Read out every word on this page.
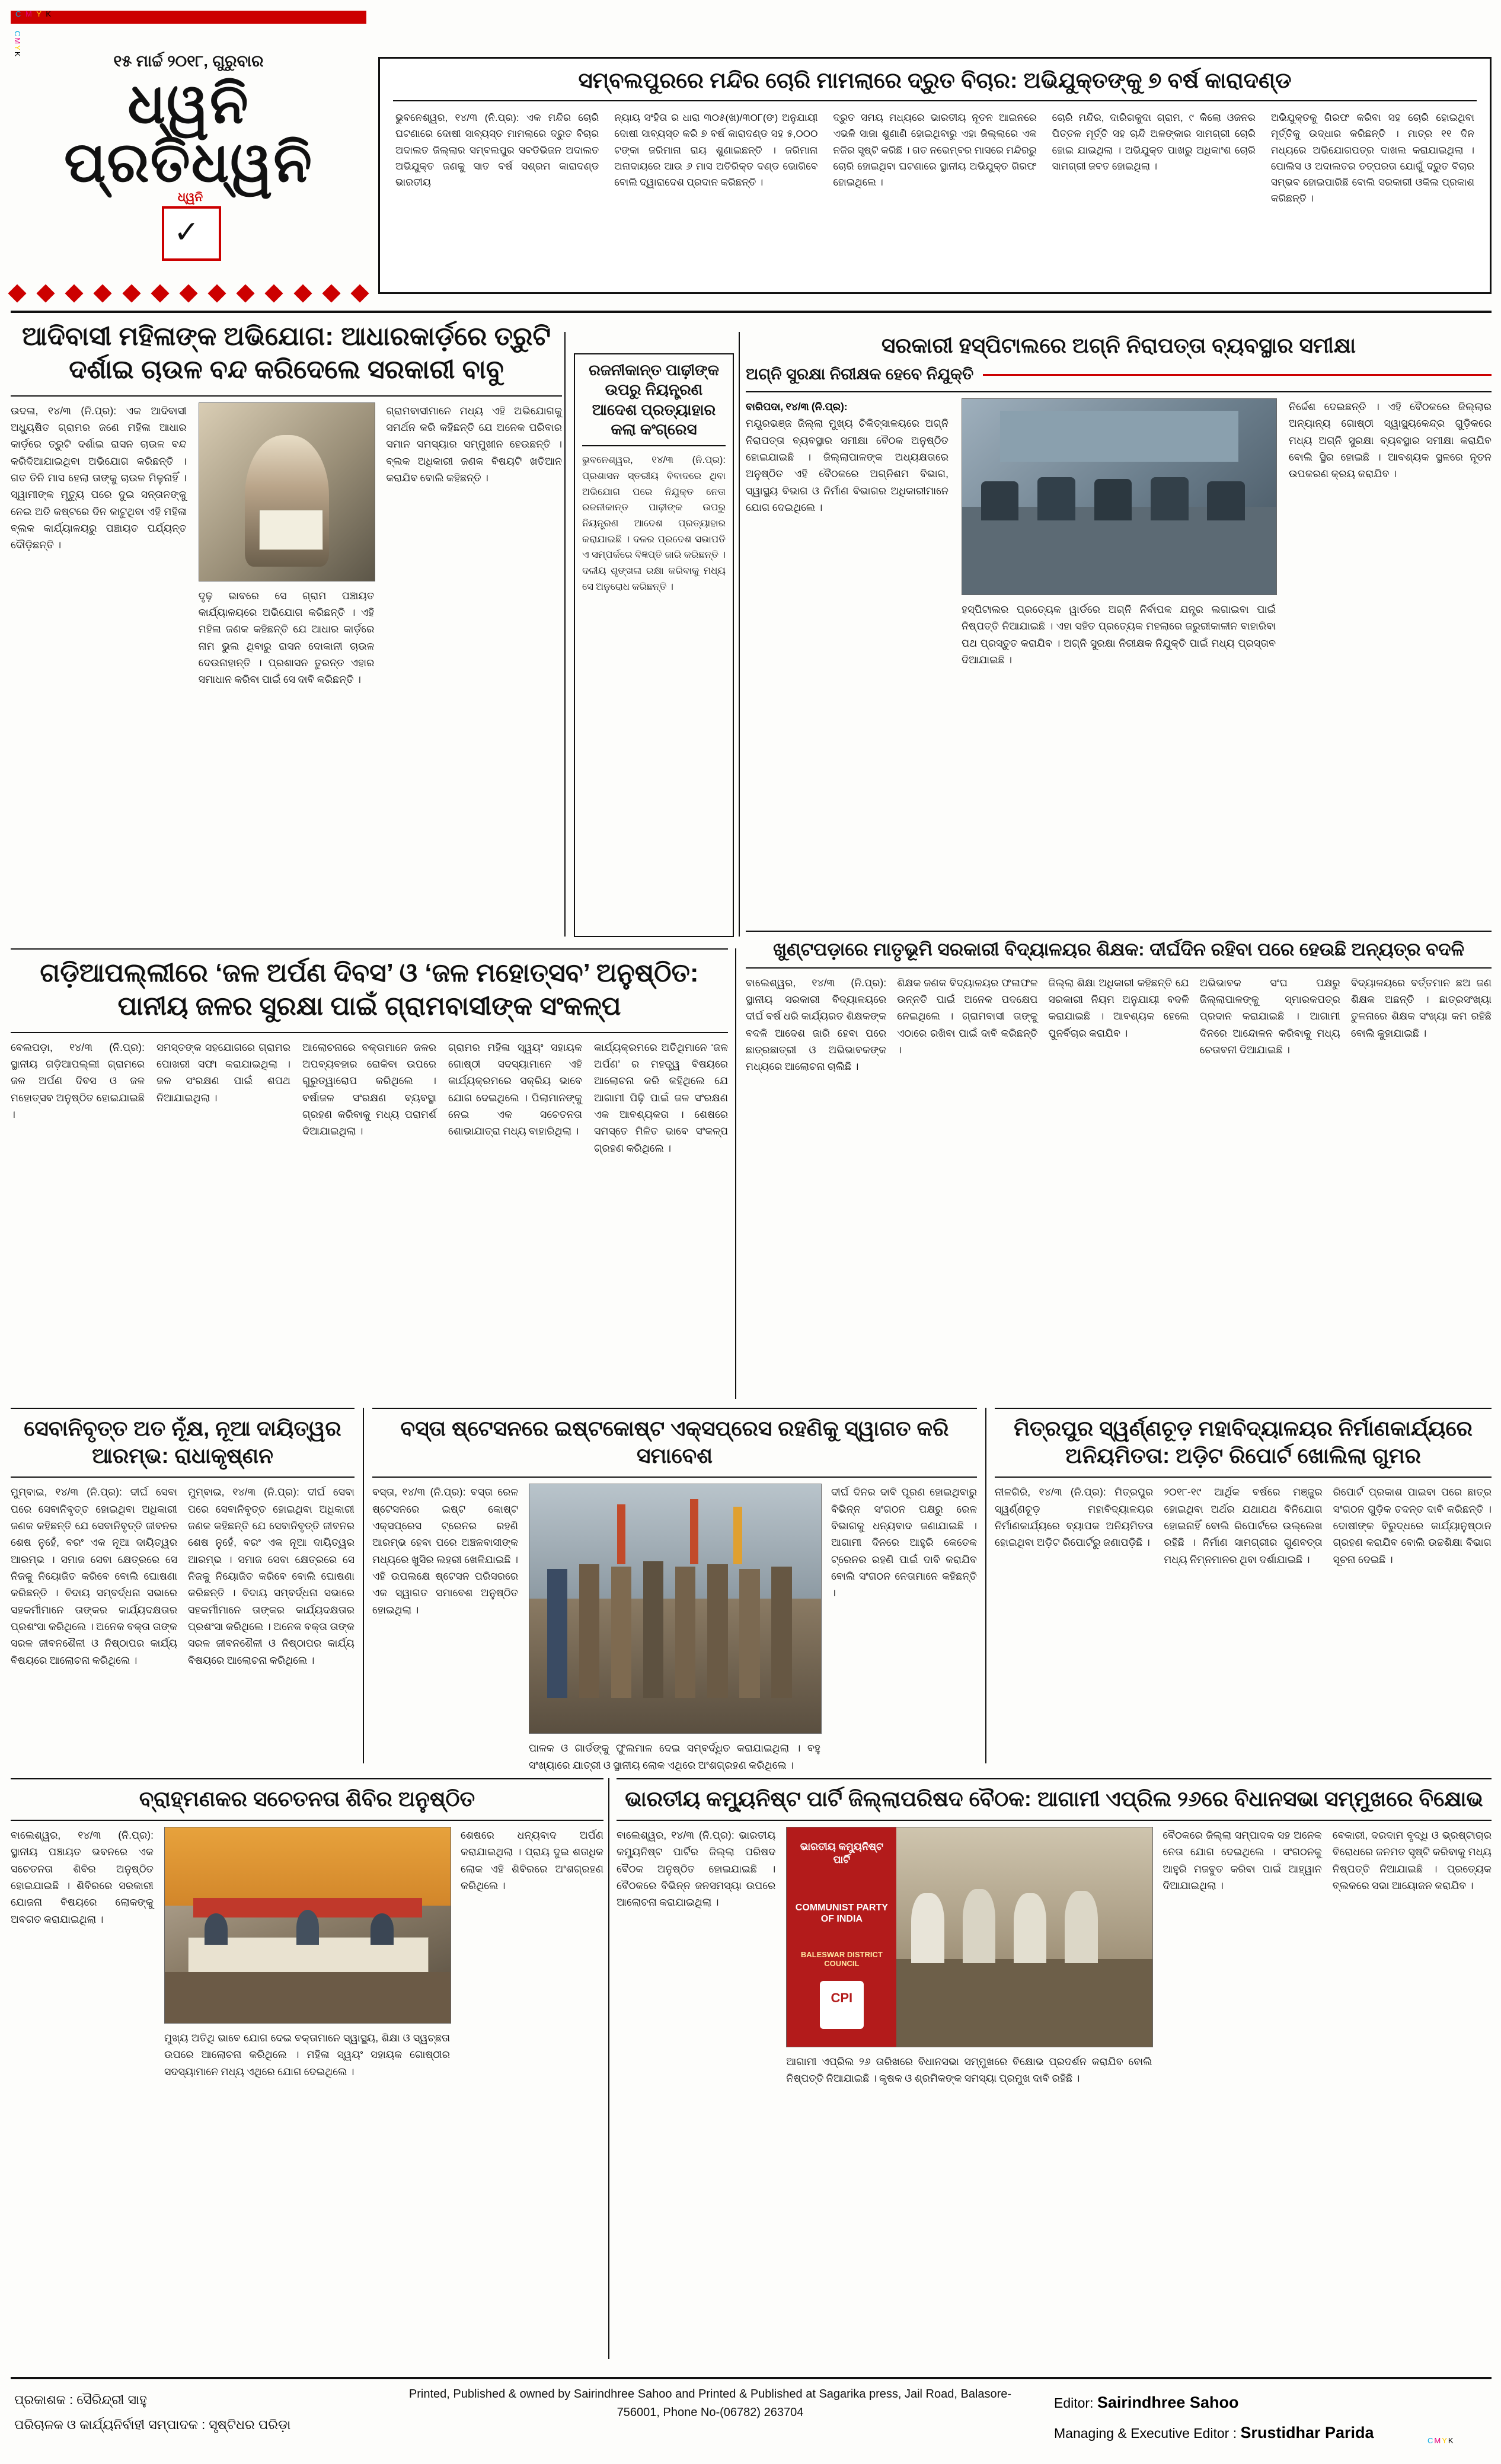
C M Y K
CMYK	୧୫ ମାର୍ଚ୍ଚ ୨୦୧୮, ଗୁରୁବାର
ଧ୍ୱନି ପ୍ରତିଧ୍ୱନି
ଧ୍ୱନି
✓
ସମ୍ବଲପୁରରେ ମନ୍ଦିର ଚୋରି ମାମଲାରେ ଦ୍ରୁତ ବିଚାର: ଅଭିଯୁକ୍ତଙ୍କୁ ୭ ବର୍ଷ କାରାଦଣ୍ଡ
ଭୁବନେଶ୍ୱର, ୧୪/୩ (ନି.ପ୍ର): ଏକ ମନ୍ଦିର ଚୋରି ଘଟଣାରେ ଦୋଷୀ ସାବ୍ୟସ୍ତ ମାମଲାରେ ଦ୍ରୁତ ବିଚାର ଅଦାଲତ ଜିଲ୍ଲାର ସମ୍ବଲପୁର ସବଡିଭିଜନ ଅଦାଲତ ଅଭିଯୁକ୍ତ ଜଣକୁ ସାତ ବର୍ଷ ସଶ୍ରମ କାରାଦଣ୍ଡ ଭାରତୀୟ
ନ୍ୟାୟ ସଂହିତା ର ଧାରା ୩୦୫(ଖ)/୩୦୮(ଙ) ଅନୁଯାୟୀ ଦୋଷୀ ସାବ୍ୟସ୍ତ କରି ୭ ବର୍ଷ କାରାଦଣ୍ଡ ସହ ୫,୦୦୦ ଟଙ୍କା ଜରିମାନା ରାୟ ଶୁଣାଇଛନ୍ତି । ଜରିମାନା ଅନାଦାୟରେ ଆଉ ୬ ମାସ ଅତିରିକ୍ତ ଦଣ୍ଡ ଭୋଗିବେ ବୋଲି ଦ୍ୱାରାଦେଶ ପ୍ରଦାନ କରିଛନ୍ତି ।
ଦ୍ରୁତ ସମୟ ମଧ୍ୟରେ ଭାରତୀୟ ନୂତନ ଆଇନରେ ଏଭଳି ସାଜା ଶୁଣାଣି ହୋଇଥିବାରୁ ଏହା ଜିଲ୍ଲାରେ ଏକ ନଜିର ସୃଷ୍ଟି କରିଛି । ଗତ ନଭେମ୍ବର ମାସରେ ମନ୍ଦିରରୁ ଚୋରି ହୋଇଥିବା ଘଟଣାରେ ସ୍ଥାନୀୟ ଅଭିଯୁକ୍ତ ଗିରଫ ହୋଇଥିଲେ ।
ଚୋରି ମନ୍ଦିର, ଦାରିଗକୁଦା ଗ୍ରାମ, ୯ କିଲୋ ଓଜନର ପିତ୍ତଳ ମୂର୍ତ୍ତି ସହ ଚାନ୍ଦି ଅଳଙ୍କାର ସାମଗ୍ରୀ ଚୋରି ହୋଇ ଯାଇଥିଲା । ଅଭିଯୁକ୍ତ ପାଖରୁ ଅଧିକାଂଶ ଚୋରି ସାମଗ୍ରୀ ଜବତ ହୋଇଥିଲା ।
ଅଭିଯୁକ୍ତକୁ ଗିରଫ କରିବା ସହ ଚୋରି ହୋଇଥିବା ମୂର୍ତ୍ତିକୁ ଉଦ୍ଧାର କରିଛନ୍ତି । ମାତ୍ର ୧୧ ଦିନ ମଧ୍ୟରେ ଅଭିଯୋଗପତ୍ର ଦାଖଲ କରାଯାଇଥିଲା । ପୋଲିସ ଓ ଅଦାଲତର ତତ୍ପରତା ଯୋଗୁଁ ଦ୍ରୁତ ବିଚାର ସମ୍ଭବ ହୋଇପାରିଛି ବୋଲି ସରକାରୀ ଓକିଲ ପ୍ରକାଶ କରିଛନ୍ତି ।
ଆଦିବାସୀ ମହିଳାଙ୍କ ଅଭିଯୋଗ: ଆଧାରକାର୍ଡ଼ରେ ତ୍ରୁଟି ଦର୍ଶାଇ ଚାଉଳ ବନ୍ଦ କରିଦେଲେ ସରକାରୀ ବାବୁ
ଉଦଳା, ୧୪/୩ (ନି.ପ୍ର): ଏକ ଆଦିବାସୀ ଅଧ୍ୟୁଷିତ ଗ୍ରାମର ଜଣେ ମହିଳା ଆଧାର କାର୍ଡ଼ରେ ତ୍ରୁଟି ଦର୍ଶାଇ ରାସନ ଚାଉଳ ବନ୍ଦ କରିଦିଆଯାଇଥିବା ଅଭିଯୋଗ କରିଛନ୍ତି । ଗତ ତିନି ମାସ ହେଲା ତାଙ୍କୁ ଚାଉଳ ମିଳୁନାହିଁ । ସ୍ୱାମୀଙ୍କ ମୃତ୍ୟୁ ପରେ ଦୁଇ ସନ୍ତାନଙ୍କୁ ନେଇ ଅତି କଷ୍ଟରେ ଦିନ କାଟୁଥିବା ଏହି ମହିଳା ବ୍ଲକ କାର୍ଯ୍ୟାଳୟରୁ ପଞ୍ଚାୟତ ପର୍ଯ୍ୟନ୍ତ ଦୌଡ଼ିଛନ୍ତି ।
ଦୃଢ଼ ଭାବରେ ସେ ଗ୍ରାମ ପଞ୍ଚାୟତ କାର୍ଯ୍ୟାଳୟରେ ଅଭିଯୋଗ କରିଛନ୍ତି । ଏହି ମହିଳା ଜଣକ କହିଛନ୍ତି ଯେ ଆଧାର କାର୍ଡ଼ରେ ନାମ ଭୁଲ ଥିବାରୁ ରାସନ ଦୋକାନୀ ଚାଉଳ ଦେଉନାହାନ୍ତି । ପ୍ରଶାସନ ତୁରନ୍ତ ଏହାର ସମାଧାନ କରିବା ପାଇଁ ସେ ଦାବି କରିଛନ୍ତି ।
ଗ୍ରାମବାସୀମାନେ ମଧ୍ୟ ଏହି ଅଭିଯୋଗକୁ ସମର୍ଥନ କରି କହିଛନ୍ତି ଯେ ଅନେକ ପରିବାର ସମାନ ସମସ୍ୟାର ସମ୍ମୁଖୀନ ହେଉଛନ୍ତି । ବ୍ଲକ ଅଧିକାରୀ ଜଣକ ବିଷୟଟି ଖତିଆନ କରାଯିବ ବୋଲି କହିଛନ୍ତି ।
ରଜନୀକାନ୍ତ ପାଢ଼ୀଙ୍କ ଉପରୁ ନିୟନ୍ତ୍ରଣ ଆଦେଶ ପ୍ରତ୍ୟାହାର କଲା କଂଗ୍ରେସ
ଭୁବନେଶ୍ୱର, ୧୪/୩ (ନି.ପ୍ର): ପ୍ରଶାସନ ସ୍ତରୀୟ ବିବାଦରେ ଥିବା ଅଭିଯୋଗ ପରେ ନିଯୁକ୍ତ ନେତା ରଜନୀକାନ୍ତ ପାଢ଼ୀଙ୍କ ଉପରୁ ନିୟନ୍ତ୍ରଣ ଆଦେଶ ପ୍ରତ୍ୟାହାର କରାଯାଇଛି । ଦଳର ପ୍ରଦେଶ ସଭାପତି ଏ ସମ୍ପର୍କରେ ବିଜ୍ଞପ୍ତି ଜାରି କରିଛନ୍ତି । ଦଳୀୟ ଶୃଙ୍ଖଳା ରକ୍ଷା କରିବାକୁ ମଧ୍ୟ ସେ ଅନୁରୋଧ କରିଛନ୍ତି ।
ସରକାରୀ ହସ୍ପିଟାଲରେ ଅଗ୍ନି ନିରାପତ୍ତା ବ୍ୟବସ୍ଥାର ସମୀକ୍ଷା
ଅଗ୍ନି ସୁରକ୍ଷା ନିରୀକ୍ଷକ ହେବେ ନିଯୁକ୍ତି
ବାରିପଦା, ୧୪/୩ (ନି.ପ୍ର):
ମୟୂରଭଞ୍ଜ ଜିଲ୍ଲା ମୁଖ୍ୟ ଚିକିତ୍ସାଳୟରେ ଅଗ୍ନି ନିରାପତ୍ତା ବ୍ୟବସ୍ଥାର ସମୀକ୍ଷା ବୈଠକ ଅନୁଷ୍ଠିତ ହୋଇଯାଇଛି । ଜିଲ୍ଲାପାଳଙ୍କ ଅଧ୍ୟକ୍ଷତାରେ ଅନୁଷ୍ଠିତ ଏହି ବୈଠକରେ ଅଗ୍ନିଶମ ବିଭାଗ, ସ୍ୱାସ୍ଥ୍ୟ ବିଭାଗ ଓ ନିର୍ମାଣ ବିଭାଗର ଅଧିକାରୀମାନେ ଯୋଗ ଦେଇଥିଲେ ।
ହସ୍ପିଟାଲର ପ୍ରତ୍ୟେକ ୱାର୍ଡରେ ଅଗ୍ନି ନିର୍ବାପକ ଯନ୍ତ୍ର ଲଗାଇବା ପାଇଁ ନିଷ୍ପତ୍ତି ନିଆଯାଇଛି । ଏହା ସହିତ ପ୍ରତ୍ୟେକ ମହଲାରେ ଜରୁରୀକାଳୀନ ବାହାରିବା ପଥ ପ୍ରସ୍ତୁତ କରାଯିବ । ଅଗ୍ନି ସୁରକ୍ଷା ନିରୀକ୍ଷକ ନିଯୁକ୍ତି ପାଇଁ ମଧ୍ୟ ପ୍ରସ୍ତାବ ଦିଆଯାଇଛି ।
ନିର୍ଦ୍ଦେଶ ଦେଇଛନ୍ତି । ଏହି ବୈଠକରେ ଜିଲ୍ଲାର ଅନ୍ୟାନ୍ୟ ଗୋଷ୍ଠୀ ସ୍ୱାସ୍ଥ୍ୟକେନ୍ଦ୍ର ଗୁଡ଼ିକରେ ମଧ୍ୟ ଅଗ୍ନି ସୁରକ୍ଷା ବ୍ୟବସ୍ଥାର ସମୀକ୍ଷା କରାଯିବ ବୋଲି ସ୍ଥିର ହୋଇଛି । ଆବଶ୍ୟକ ସ୍ଥଳରେ ନୂତନ ଉପକରଣ କ୍ରୟ କରାଯିବ ।
ଖୁଣ୍ଟପଡ଼ାରେ ମାତୃଭୂମି ସରକାରୀ ବିଦ୍ୟାଳୟର ଶିକ୍ଷକ: ଦୀର୍ଘଦିନ ରହିବା ପରେ ହେଉଛି ଅନ୍ୟତ୍ର ବଦଳି
ବାଲେଶ୍ୱର, ୧୪/୩ (ନି.ପ୍ର): ସ୍ଥାନୀୟ ସରକାରୀ ବିଦ୍ୟାଳୟରେ ଦୀର୍ଘ ବର୍ଷ ଧରି କାର୍ଯ୍ୟରତ ଶିକ୍ଷକଙ୍କ ବଦଳି ଆଦେଶ ଜାରି ହେବା ପରେ ଛାତ୍ରଛାତ୍ରୀ ଓ ଅଭିଭାବକଙ୍କ ମଧ୍ୟରେ ଆଲୋଚନା ଚାଲିଛି ।
ଶିକ୍ଷକ ଜଣକ ବିଦ୍ୟାଳୟର ଫଳାଫଳ ଉନ୍ନତି ପାଇଁ ଅନେକ ପଦକ୍ଷେପ ନେଇଥିଲେ । ଗ୍ରାମବାସୀ ତାଙ୍କୁ ଏଠାରେ ରଖିବା ପାଇଁ ଦାବି କରିଛନ୍ତି ।
ଜିଲ୍ଲା ଶିକ୍ଷା ଅଧିକାରୀ କହିଛନ୍ତି ଯେ ସରକାରୀ ନିୟମ ଅନୁଯାୟୀ ବଦଳି କରାଯାଇଛି । ଆବଶ୍ୟକ ହେଲେ ପୁନର୍ବିଚାର କରାଯିବ ।
ଅଭିଭାବକ ସଂଘ ପକ୍ଷରୁ ଜିଲ୍ଲାପାଳଙ୍କୁ ସ୍ମାରକପତ୍ର ପ୍ରଦାନ କରାଯାଇଛି । ଆଗାମୀ ଦିନରେ ଆନ୍ଦୋଳନ କରିବାକୁ ମଧ୍ୟ ଚେତାବନୀ ଦିଆଯାଇଛି ।
ବିଦ୍ୟାଳୟରେ ବର୍ତ୍ତମାନ ଛଅ ଜଣ ଶିକ୍ଷକ ଅଛନ୍ତି । ଛାତ୍ରସଂଖ୍ୟା ତୁଳନାରେ ଶିକ୍ଷକ ସଂଖ୍ୟା କମ ରହିଛି ବୋଲି କୁହାଯାଇଛି ।
ଗଡ଼ିଆପଲ୍ଲୀରେ ‘ଜଳ ଅର୍ପଣ ଦିବସ’ ଓ ‘ଜଳ ମହୋତ୍ସବ’ ଅନୁଷ୍ଠିତ: ପାନୀୟ ଜଳର ସୁରକ୍ଷା ପାଇଁ ଗ୍ରାମବାସୀଙ୍କ ସଂକଳ୍ପ
ବେଲପଡ଼ା, ୧୪/୩ (ନି.ପ୍ର): ସ୍ଥାନୀୟ ଗଡ଼ିଆପଲ୍ଲୀ ଗ୍ରାମରେ ଜଳ ଅର୍ପଣ ଦିବସ ଓ ଜଳ ମହୋତ୍ସବ ଅନୁଷ୍ଠିତ ହୋଇଯାଇଛି ।
ସମସ୍ତଙ୍କ ସହଯୋଗରେ ଗ୍ରାମର ପୋଖରୀ ସଫା କରାଯାଇଥିଲା । ଜଳ ସଂରକ୍ଷଣ ପାଇଁ ଶପଥ ନିଆଯାଇଥିଲା ।
ଆଲୋଚନାରେ ବକ୍ତାମାନେ ଜଳର ଅପବ୍ୟବହାର ରୋକିବା ଉପରେ ଗୁରୁତ୍ୱାରୋପ କରିଥିଲେ । ବର୍ଷାଜଳ ସଂରକ୍ଷଣ ବ୍ୟବସ୍ଥା ଗ୍ରହଣ କରିବାକୁ ମଧ୍ୟ ପରାମର୍ଶ ଦିଆଯାଇଥିଲା ।
ଗ୍ରାମର ମହିଳା ସ୍ୱୟଂ ସହାୟକ ଗୋଷ୍ଠୀ ସଦସ୍ୟାମାନେ ଏହି କାର୍ଯ୍ୟକ୍ରମରେ ସକ୍ରିୟ ଭାବେ ଯୋଗ ଦେଇଥିଲେ । ପିଲାମାନଙ୍କୁ ନେଇ ଏକ ସଚେତନତା ଶୋଭାଯାତ୍ରା ମଧ୍ୟ ବାହାରିଥିଲା ।
କାର୍ଯ୍ୟକ୍ରମରେ ଅତିଥିମାନେ ‘ଜଳ ଅର୍ପଣ’ ର ମହତ୍ତ୍ୱ ବିଷୟରେ ଆଲୋଚନା କରି କହିଥିଲେ ଯେ ଆଗାମୀ ପିଢ଼ି ପାଇଁ ଜଳ ସଂରକ୍ଷଣ ଏକ ଆବଶ୍ୟକତା । ଶେଷରେ ସମସ୍ତେ ମିଳିତ ଭାବେ ସଂକଳ୍ପ ଗ୍ରହଣ କରିଥିଲେ ।
ସେବାନିବୃତ୍ତ ଅତ ନୂଁକ୍ଷ, ନୂଆ ଦାୟିତ୍ୱର ଆରମ୍ଭ: ରାଧାକୃଷ୍ଣନ
ମୁମ୍ବାଇ, ୧୪/୩ (ନି.ପ୍ର): ଦୀର୍ଘ ସେବା ପରେ ସେବାନିବୃତ୍ତ ହୋଇଥିବା ଅଧିକାରୀ ଜଣକ କହିଛନ୍ତି ଯେ ସେବାନିବୃତ୍ତି ଜୀବନର ଶେଷ ନୁହେଁ, ବରଂ ଏକ ନୂଆ ଦାୟିତ୍ୱର ଆରମ୍ଭ । ସମାଜ ସେବା କ୍ଷେତ୍ରରେ ସେ ନିଜକୁ ନିୟୋଜିତ କରିବେ ବୋଲି ଘୋଷଣା କରିଛନ୍ତି । ବିଦାୟ ସମ୍ବର୍ଦ୍ଧନା ସଭାରେ ସହକର୍ମୀମାନେ ତାଙ୍କର କାର୍ଯ୍ୟଦକ୍ଷତାର ପ୍ରଶଂସା କରିଥିଲେ । ଅନେକ ବକ୍ତା ତାଙ୍କ ସରଳ ଜୀବନଶୈଳୀ ଓ ନିଷ୍ଠାପର କାର୍ଯ୍ୟ ବିଷୟରେ ଆଲୋଚନା କରିଥିଲେ ।
ମୁମ୍ବାଇ, ୧୪/୩ (ନି.ପ୍ର): ଦୀର୍ଘ ସେବା ପରେ ସେବାନିବୃତ୍ତ ହୋଇଥିବା ଅଧିକାରୀ ଜଣକ କହିଛନ୍ତି ଯେ ସେବାନିବୃତ୍ତି ଜୀବନର ଶେଷ ନୁହେଁ, ବରଂ ଏକ ନୂଆ ଦାୟିତ୍ୱର ଆରମ୍ଭ । ସମାଜ ସେବା କ୍ଷେତ୍ରରେ ସେ ନିଜକୁ ନିୟୋଜିତ କରିବେ ବୋଲି ଘୋଷଣା କରିଛନ୍ତି । ବିଦାୟ ସମ୍ବର୍ଦ୍ଧନା ସଭାରେ ସହକର୍ମୀମାନେ ତାଙ୍କର କାର୍ଯ୍ୟଦକ୍ଷତାର ପ୍ରଶଂସା କରିଥିଲେ । ଅନେକ ବକ୍ତା ତାଙ୍କ ସରଳ ଜୀବନଶୈଳୀ ଓ ନିଷ୍ଠାପର କାର୍ଯ୍ୟ ବିଷୟରେ ଆଲୋଚନା କରିଥିଲେ ।
ବସ୍ତା ଷ୍ଟେସନରେ ଇଷ୍ଟକୋଷ୍ଟ ଏକ୍ସପ୍ରେସ ରହଣିକୁ ସ୍ୱାଗତ କରି ସମାବେଶ
ବସ୍ତା, ୧୪/୩ (ନି.ପ୍ର): ବସ୍ତା ରେଳ ଷ୍ଟେସନରେ ଇଷ୍ଟ କୋଷ୍ଟ ଏକ୍ସପ୍ରେସ ଟ୍ରେନର ରହଣି ଆରମ୍ଭ ହେବା ପରେ ଅଞ୍ଚଳବାସୀଙ୍କ ମଧ୍ୟରେ ଖୁସିର ଲହରୀ ଖେଳିଯାଇଛି । ଏହି ଉପଲକ୍ଷେ ଷ୍ଟେସନ ପରିସରରେ ଏକ ସ୍ୱାଗତ ସମାବେଶ ଅନୁଷ୍ଠିତ ହୋଇଥିଲା ।
ପାଳକ ଓ ଗାର୍ଡଙ୍କୁ ଫୁଲମାଳ ଦେଇ ସମ୍ବର୍ଦ୍ଧିତ କରାଯାଇଥିଲା । ବହୁ ସଂଖ୍ୟାରେ ଯାତ୍ରୀ ଓ ସ୍ଥାନୀୟ ଲୋକ ଏଥିରେ ଅଂଶଗ୍ରହଣ କରିଥିଲେ ।
ଦୀର୍ଘ ଦିନର ଦାବି ପୂରଣ ହୋଇଥିବାରୁ ବିଭିନ୍ନ ସଂଗଠନ ପକ୍ଷରୁ ରେଳ ବିଭାଗକୁ ଧନ୍ୟବାଦ ଜଣାଯାଇଛି । ଆଗାମୀ ଦିନରେ ଆହୁରି କେତେକ ଟ୍ରେନର ରହଣି ପାଇଁ ଦାବି କରାଯିବ ବୋଲି ସଂଗଠନ ନେତାମାନେ କହିଛନ୍ତି ।
ମିତ୍ରପୁର ସ୍ୱର୍ଣ୍ଣଚୂଡ଼ ମହାବିଦ୍ୟାଳୟର ନିର୍ମାଣକାର୍ଯ୍ୟରେ ଅନିୟମିତତା: ଅଡ଼ିଟ ରିପୋର୍ଟ ଖୋଲିଲା ଗୁମର
ନୀଳଗିରି, ୧୪/୩ (ନି.ପ୍ର): ମିତ୍ରପୁର ସ୍ୱର୍ଣ୍ଣଚୂଡ଼ ମହାବିଦ୍ୟାଳୟର ନିର୍ମାଣକାର୍ଯ୍ୟରେ ବ୍ୟାପକ ଅନିୟମିତତା ହୋଇଥିବା ଅଡ଼ିଟ ରିପୋର୍ଟରୁ ଜଣାପଡ଼ିଛି ।
୨୦୧୮-୧୯ ଆର୍ଥିକ ବର୍ଷରେ ମଞ୍ଜୁର ହୋଇଥିବା ଅର୍ଥର ଯଥାଯଥ ବିନିଯୋଗ ହୋଇନାହିଁ ବୋଲି ରିପୋର୍ଟରେ ଉଲ୍ଲେଖ ରହିଛି । ନିର୍ମାଣ ସାମଗ୍ରୀର ଗୁଣବତ୍ତା ମଧ୍ୟ ନିମ୍ନମାନର ଥିବା ଦର୍ଶାଯାଇଛି ।
ରିପୋର୍ଟ ପ୍ରକାଶ ପାଇବା ପରେ ଛାତ୍ର ସଂଗଠନ ଗୁଡ଼ିକ ତଦନ୍ତ ଦାବି କରିଛନ୍ତି । ଦୋଷୀଙ୍କ ବିରୁଦ୍ଧରେ କାର୍ଯ୍ୟାନୁଷ୍ଠାନ ଗ୍ରହଣ କରାଯିବ ବୋଲି ଉଚ୍ଚଶିକ୍ଷା ବିଭାଗ ସୂଚନା ଦେଇଛି ।
ବ୍ରାହ୍ମଣକର ସଚେତନତା ଶିବିର ଅନୁଷ୍ଠିତ
ବାଲେଶ୍ୱର, ୧୪/୩ (ନି.ପ୍ର): ସ୍ଥାନୀୟ ପଞ୍ଚାୟତ ଭବନରେ ଏକ ସଚେତନତା ଶିବିର ଅନୁଷ୍ଠିତ ହୋଇଯାଇଛି । ଶିବିରରେ ସରକାରୀ ଯୋଜନା ବିଷୟରେ ଲୋକଙ୍କୁ ଅବଗତ କରାଯାଇଥିଲା ।
ମୁଖ୍ୟ ଅତିଥି ଭାବେ ଯୋଗ ଦେଇ ବକ୍ତାମାନେ ସ୍ୱାସ୍ଥ୍ୟ, ଶିକ୍ଷା ଓ ସ୍ୱଚ୍ଛତା ଉପରେ ଆଲୋଚନା କରିଥିଲେ । ମହିଳା ସ୍ୱୟଂ ସହାୟକ ଗୋଷ୍ଠୀର ସଦସ୍ୟାମାନେ ମଧ୍ୟ ଏଥିରେ ଯୋଗ ଦେଇଥିଲେ ।
ଶେଷରେ ଧନ୍ୟବାଦ ଅର୍ପଣ କରାଯାଇଥିଲା । ପ୍ରାୟ ଦୁଇ ଶତାଧିକ ଲୋକ ଏହି ଶିବିରରେ ଅଂଶଗ୍ରହଣ କରିଥିଲେ ।
ଭାରତୀୟ କମ୍ୟୁନିଷ୍ଟ ପାର୍ଟି ଜିଲ୍ଲାପରିଷଦ ବୈଠକ: ଆଗାମୀ ଏପ୍ରିଲ ୨୬ରେ ବିଧାନସଭା ସମ୍ମୁଖରେ ବିକ୍ଷୋଭ
ବାଲେଶ୍ୱର, ୧୪/୩ (ନି.ପ୍ର): ଭାରତୀୟ କମ୍ୟୁନିଷ୍ଟ ପାର୍ଟିର ଜିଲ୍ଲା ପରିଷଦ ବୈଠକ ଅନୁଷ୍ଠିତ ହୋଇଯାଇଛି । ବୈଠକରେ ବିଭିନ୍ନ ଜନସମସ୍ୟା ଉପରେ ଆଲୋଚନା କରାଯାଇଥିଲା ।
ଭାରତୀୟ କମ୍ୟୁନିଷ୍ଟ ପାର୍ଟି
COMMUNIST PARTY OF INDIA
BALESWAR DISTRICT COUNCIL
CPI
ଆଗାମୀ ଏପ୍ରିଲ ୨୬ ତାରିଖରେ ବିଧାନସଭା ସମ୍ମୁଖରେ ବିକ୍ଷୋଭ ପ୍ରଦର୍ଶନ କରାଯିବ ବୋଲି ନିଷ୍ପତ୍ତି ନିଆଯାଇଛି । କୃଷକ ଓ ଶ୍ରମିକଙ୍କ ସମସ୍ୟା ପ୍ରମୁଖ ଦାବି ରହିଛି ।
ବୈଠକରେ ଜିଲ୍ଲା ସମ୍ପାଦକ ସହ ଅନେକ ନେତା ଯୋଗ ଦେଇଥିଲେ । ସଂଗଠନକୁ ଆହୁରି ମଜବୁତ କରିବା ପାଇଁ ଆହ୍ୱାନ ଦିଆଯାଇଥିଲା ।
ବେକାରୀ, ଦରଦାମ ବୃଦ୍ଧି ଓ ଭ୍ରଷ୍ଟାଚାର ବିରୋଧରେ ଜନମତ ସୃଷ୍ଟି କରିବାକୁ ମଧ୍ୟ ନିଷ୍ପତ୍ତି ନିଆଯାଇଛି । ପ୍ରତ୍ୟେକ ବ୍ଲକରେ ସଭା ଆୟୋଜନ କରାଯିବ ।
ପ୍ରକାଶକ : ସୈରିନ୍ଦ୍ରୀ ସାହୁ
ପରିଚାଳକ ଓ କାର୍ଯ୍ୟନିର୍ବାହୀ ସମ୍ପାଦକ : ସୃଷ୍ଟିଧର ପରିଡ଼ା
Printed, Published & owned by Sairindhree Sahoo and Printed & Published at Sagarika press, Jail Road, Balasore-756001, Phone No-(06782) 263704
Editor: Sairindhree Sahoo
Managing & Executive Editor : Srustidhar Parida	CMYK
